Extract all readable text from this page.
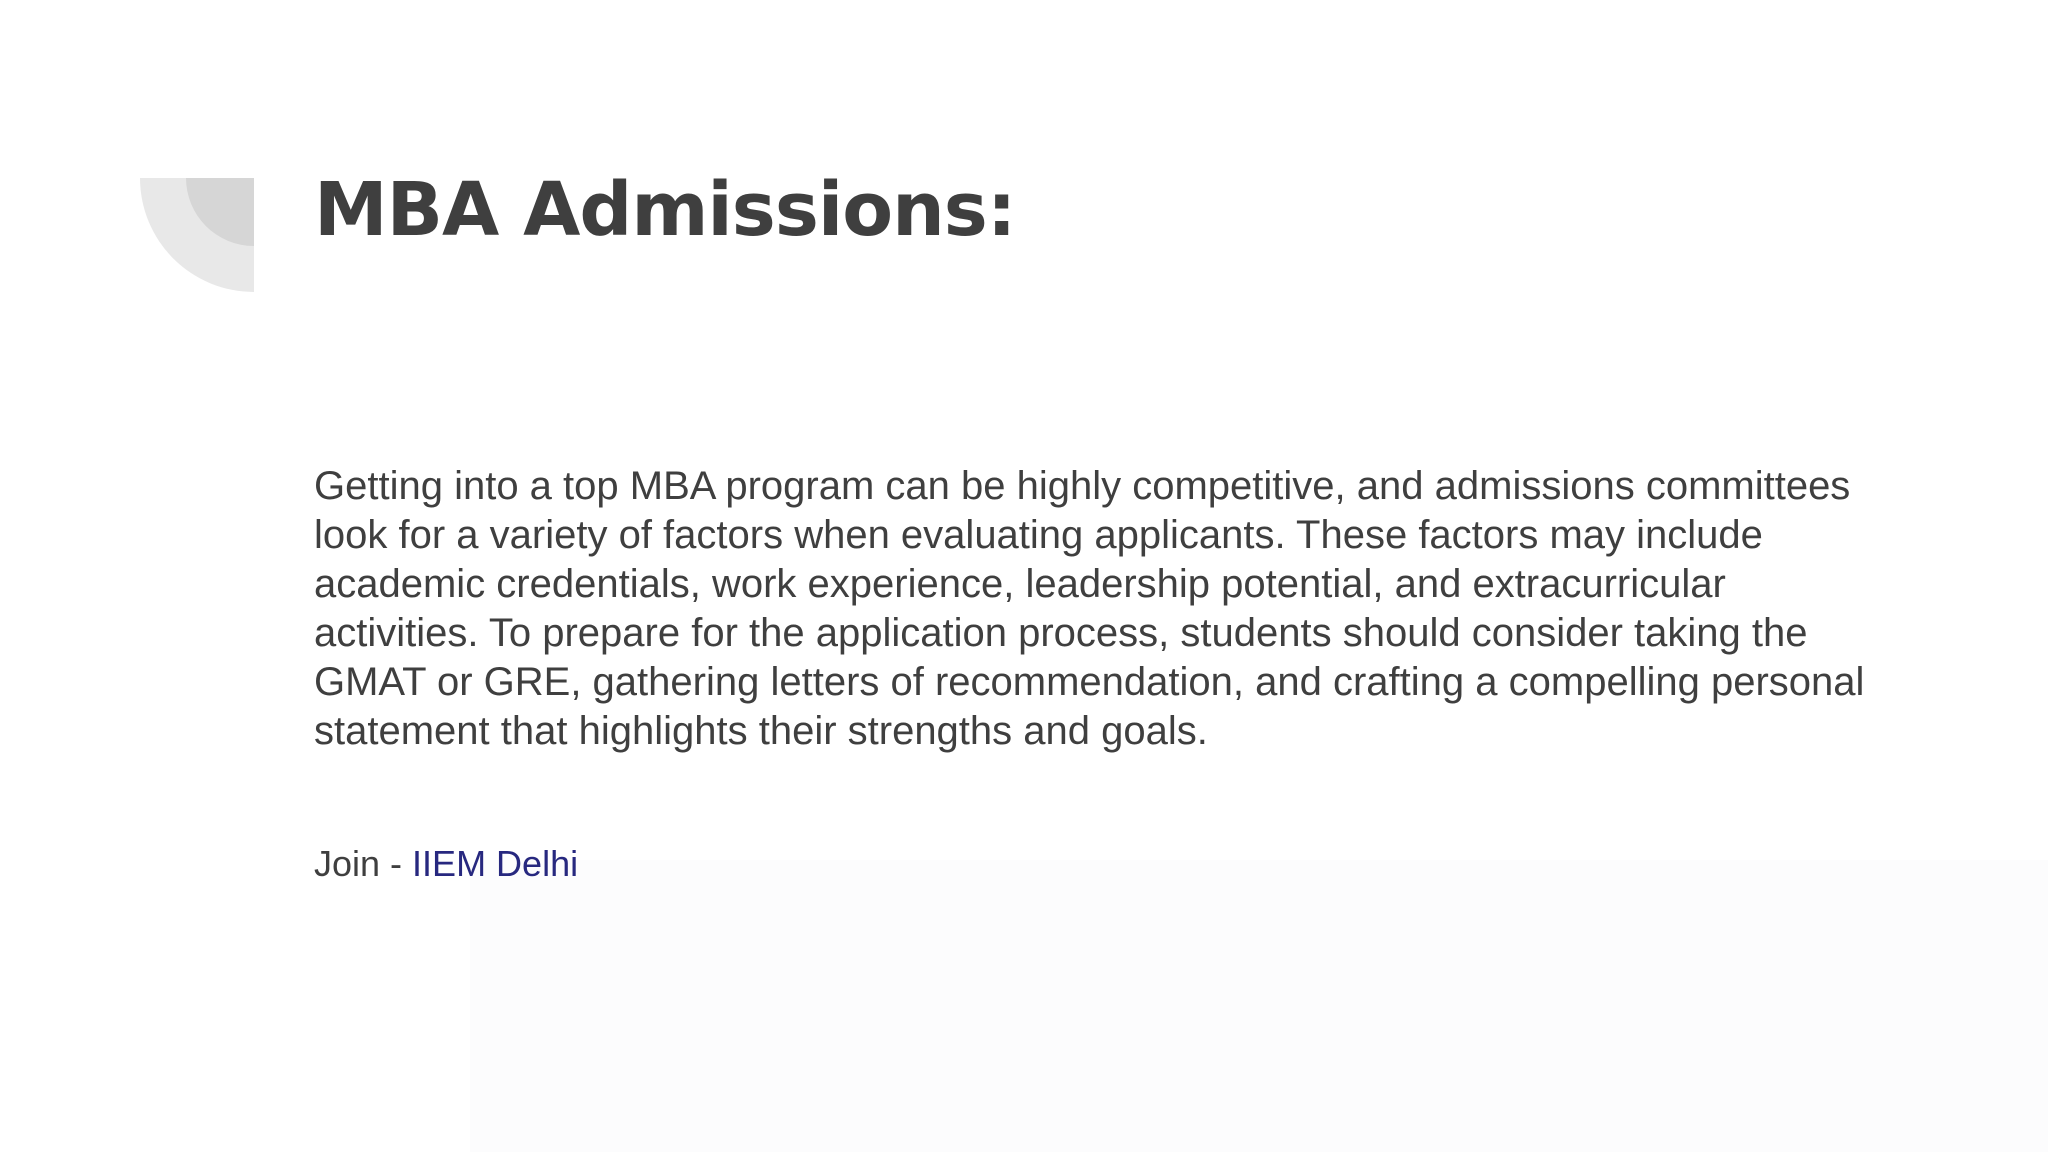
MBA Admissions:

Getting into a top MBA program can be highly competitive, and admissions committees look for a variety of factors when evaluating applicants. These factors may include academic credentials, work experience, leadership potential, and extracurricular activities. To prepare for the application process, students should consider taking the GMAT or GRE, gathering letters of recommendation, and crafting a compelling personal statement that highlights their strengths and goals.

Join - IIEM Delhi
